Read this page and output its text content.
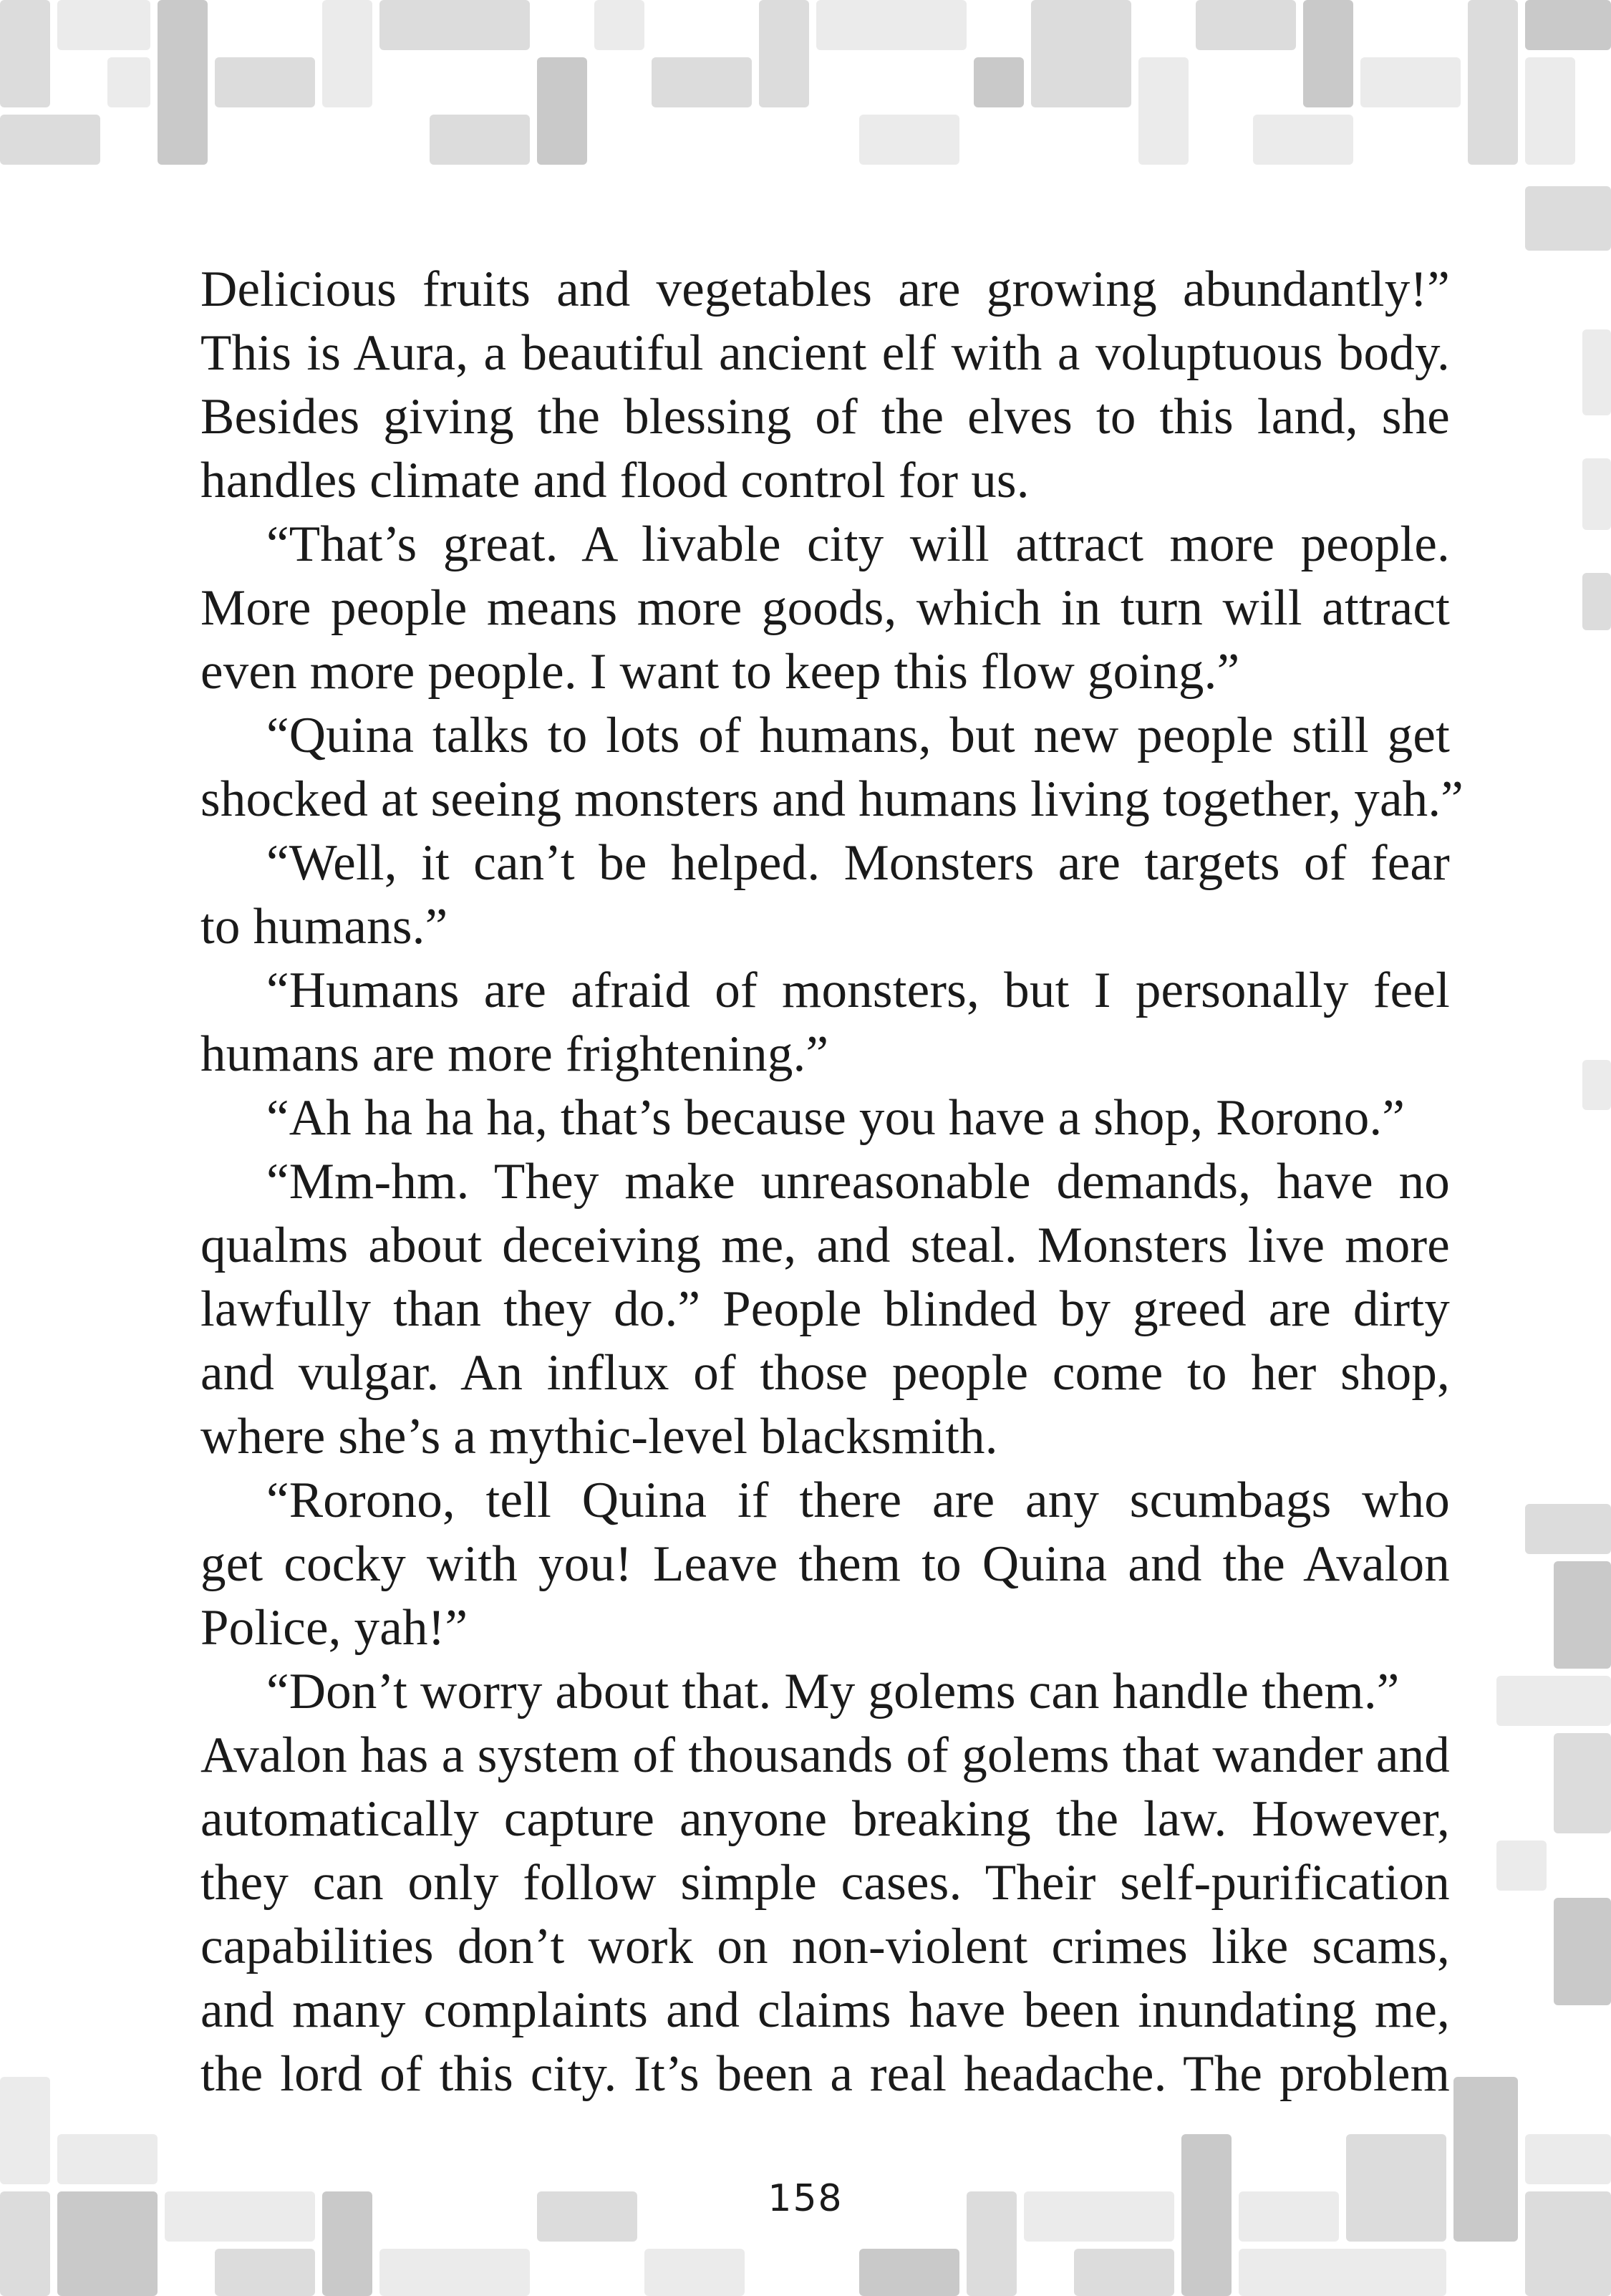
Delicious fruits and vegetables are growing abundantly!”
This is Aura, a beautiful ancient elf with a voluptuous body.
Besides giving the blessing of the elves to this land, she
handles climate and flood control for us.
“That’s great. A livable city will attract more people.
More people means more goods, which in turn will attract
even more people. I want to keep this flow going.”
“Quina talks to lots of humans, but new people still get
shocked at seeing monsters and humans living together, yah.”
“Well, it can’t be helped. Monsters are targets of fear
to humans.”
“Humans are afraid of monsters, but I personally feel
humans are more frightening.”
“Ah ha ha ha, that’s because you have a shop, Rorono.”
“Mm-hm. They make unreasonable demands, have no
qualms about deceiving me, and steal. Monsters live more
lawfully than they do.” People blinded by greed are dirty
and vulgar. An influx of those people come to her shop,
where she’s a mythic-level blacksmith.
“Rorono, tell Quina if there are any scumbags who
get cocky with you! Leave them to Quina and the Avalon
Police, yah!”
“Don’t worry about that. My golems can handle them.”
Avalon has a system of thousands of golems that wander and
automatically capture anyone breaking the law. However,
they can only follow simple cases. Their self-purification
capabilities don’t work on non-violent crimes like scams,
and many complaints and claims have been inundating me,
the lord of this city. It’s been a real headache. The problem
158
